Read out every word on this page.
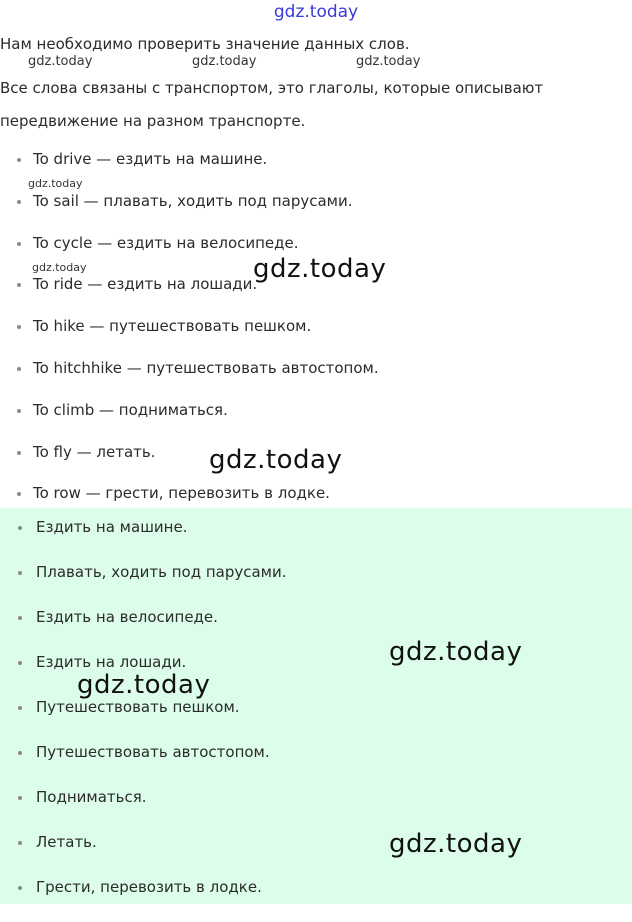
gdz.today

Нам необходимо проверить значение данных слов.

Все слова связаны с транспортом, это глаголы, которые описывают передвижение на разном транспорте.

To drive — ездить на машине.
To sail — плавать, ходить под парусами.
To cycle — ездить на велосипеде.
To ride — ездить на лошади.
To hike — путешествовать пешком.
To hitchhike — путешествовать автостопом.
To climb — подниматься.
To fly — летать.
To row — грести, перевозить в лодке.
Ездить на машине.
Плавать, ходить под парусами.
Ездить на велосипеде.
Ездить на лошади.
Путешествовать пешком.
Путешествовать автостопом.
Подниматься.
Летать.
Грести, перевозить в лодке.
gdz.today	gdz.today	gdz.today
gdz.today
gdz.today	gdz.today
gdz.today
gdz.today
gdz.today
gdz.today
